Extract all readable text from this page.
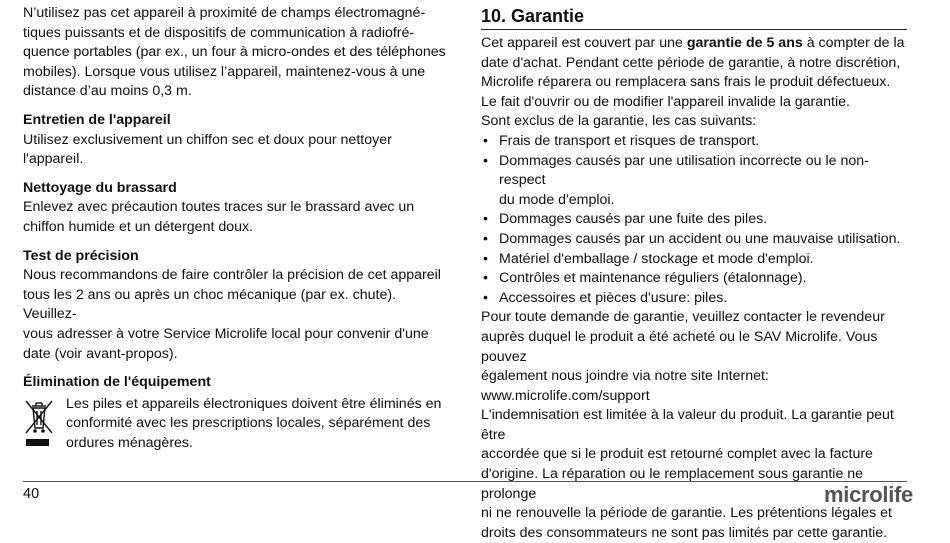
N’utilisez pas cet appareil à proximité de champs électromagné-
tiques puissants et de dispositifs de communication à radiofré-
quence portables (par ex., un four à micro-ondes et des téléphones
mobiles). Lorsque vous utilisez l’appareil, maintenez-vous à une
distance d’au moins 0,3 m.

Entretien de l'appareil

Utilisez exclusivement un chiffon sec et doux pour nettoyer
l'appareil.

Nettoyage du brassard

Enlevez avec précaution toutes traces sur le brassard avec un
chiffon humide et un détergent doux.

Test de précision

Nous recommandons de faire contrôler la précision de cet appareil
tous les 2 ans ou après un choc mécanique (par ex. chute). Veuillez-
vous adresser à votre Service Microlife local pour convenir d'une
date (voir avant-propos).

Élimination de l'équipement

Les piles et appareils électroniques doivent être éliminés en
conformité avec les prescriptions locales, séparément des
ordures ménagères.

10. Garantie

Cet appareil est couvert par une garantie de 5 ans à compter de la
date d'achat. Pendant cette période de garantie, à notre discrétion,
Microlife réparera ou remplacera sans frais le produit défectueux.
Le fait d'ouvrir ou de modifier l'appareil invalide la garantie.
Sont exclus de la garantie, les cas suivants:

• Frais de transport et risques de transport.
• Dommages causés par une utilisation incorrecte ou le non-respect
du mode d'emploi.
• Dommages causés par une fuite des piles.
• Dommages causés par un accident ou une mauvaise utilisation.
• Matériel d'emballage / stockage et mode d'emploi.
• Contrôles et maintenance réguliers (étalonnage).
• Accessoires et pièces d'usure: piles.

Pour toute demande de garantie, veuillez contacter le revendeur
auprès duquel le produit a été acheté ou le SAV Microlife. Vous pouvez
également nous joindre via notre site Internet:
www.microlife.com/support

L'indemnisation est limitée à la valeur du produit. La garantie peut être
accordée que si le produit est retourné complet avec la facture
d'origine. La réparation ou le remplacement sous garantie ne prolonge
ni ne renouvelle la période de garantie. Les prétentions légales et
droits des consommateurs ne sont pas limités par cette garantie.

40	microlife
